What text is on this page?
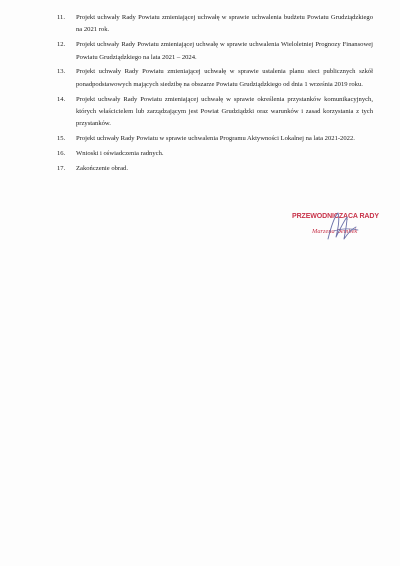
11.	Projekt uchwały Rady Powiatu zmieniającej uchwałę w sprawie uchwalenia budżetu Powiatu Grudziądzkiego na 2021 rok.
12.	Projekt uchwały Rady Powiatu zmieniającej uchwałę w sprawie uchwalenia Wieloletniej Prognozy Finansowej Powiatu Grudziądzkiego na lata 2021 – 2024.
13.	Projekt uchwały Rady Powiatu zmieniającej uchwałę w sprawie ustalenia planu sieci publicznych szkół ponadpodstawowych mających siedzibę na obszarze Powiatu Grudziądzkiego od dnia 1 września 2019 roku.
14.	Projekt uchwały Rady Powiatu zmieniającej uchwałę w sprawie określenia przystanków komunikacyjnych, których właścicielem lub zarządzającym jest Powiat Grudziądzki oraz warunków i zasad korzystania z tych przystanków.
15.	Projekt uchwały Rady Powiatu w sprawie uchwalenia Programu Aktywności Lokalnej na lata 2021-2022.
16.	Wnioski i oświadczenia radnych.
17.	Zakończenie obrad.
PRZEWODNICZĄCA RADY
Marzena Dembek
